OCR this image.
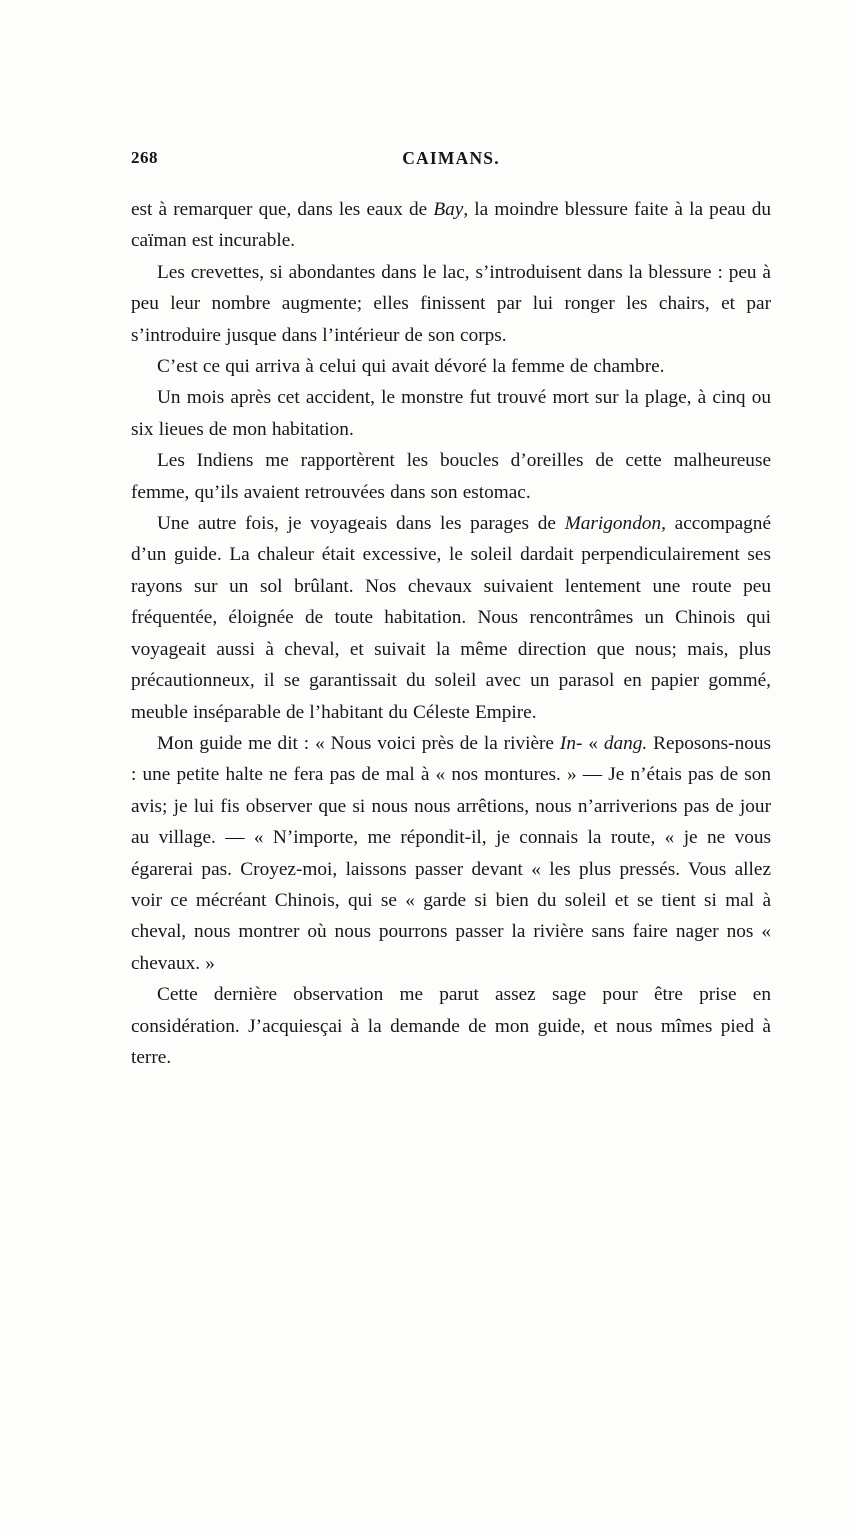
268	CAIMANS.

est à remarquer que, dans les eaux de Bay, la moindre blessure faite à la peau du caïman est incurable.

Les crevettes, si abondantes dans le lac, s’introduisent dans la blessure : peu à peu leur nombre augmente; elles finissent par lui ronger les chairs, et par s’introduire jusque dans l’intérieur de son corps.

C’est ce qui arriva à celui qui avait dévoré la femme de chambre.

Un mois après cet accident, le monstre fut trouvé mort sur la plage, à cinq ou six lieues de mon habitation.

Les Indiens me rapportèrent les boucles d’oreilles de cette malheureuse femme, qu’ils avaient retrouvées dans son estomac.

Une autre fois, je voyageais dans les parages de Marigondon, accompagné d’un guide. La chaleur était excessive, le soleil dardait perpendiculairement ses rayons sur un sol brûlant. Nos chevaux suivaient lentement une route peu fréquentée, éloignée de toute habitation. Nous rencontrâmes un Chinois qui voyageait aussi à cheval, et suivait la même direction que nous; mais, plus précautionneux, il se garantissait du soleil avec un parasol en papier gommé, meuble inséparable de l’habitant du Céleste Empire.

Mon guide me dit : « Nous voici près de la rivière In- « dang. Reposons-nous : une petite halte ne fera pas de mal à « nos montures. » — Je n’étais pas de son avis; je lui fis observer que si nous nous arrêtions, nous n’arriverions pas de jour au village. — « N’importe, me répondit-il, je connais la route, « je ne vous égarerai pas. Croyez-moi, laissons passer devant « les plus pressés. Vous allez voir ce mécréant Chinois, qui se « garde si bien du soleil et se tient si mal à cheval, nous montrer où nous pourrons passer la rivière sans faire nager nos « chevaux. »

Cette dernière observation me parut assez sage pour être prise en considération. J’acquiesçai à la demande de mon guide, et nous mîmes pied à terre.
